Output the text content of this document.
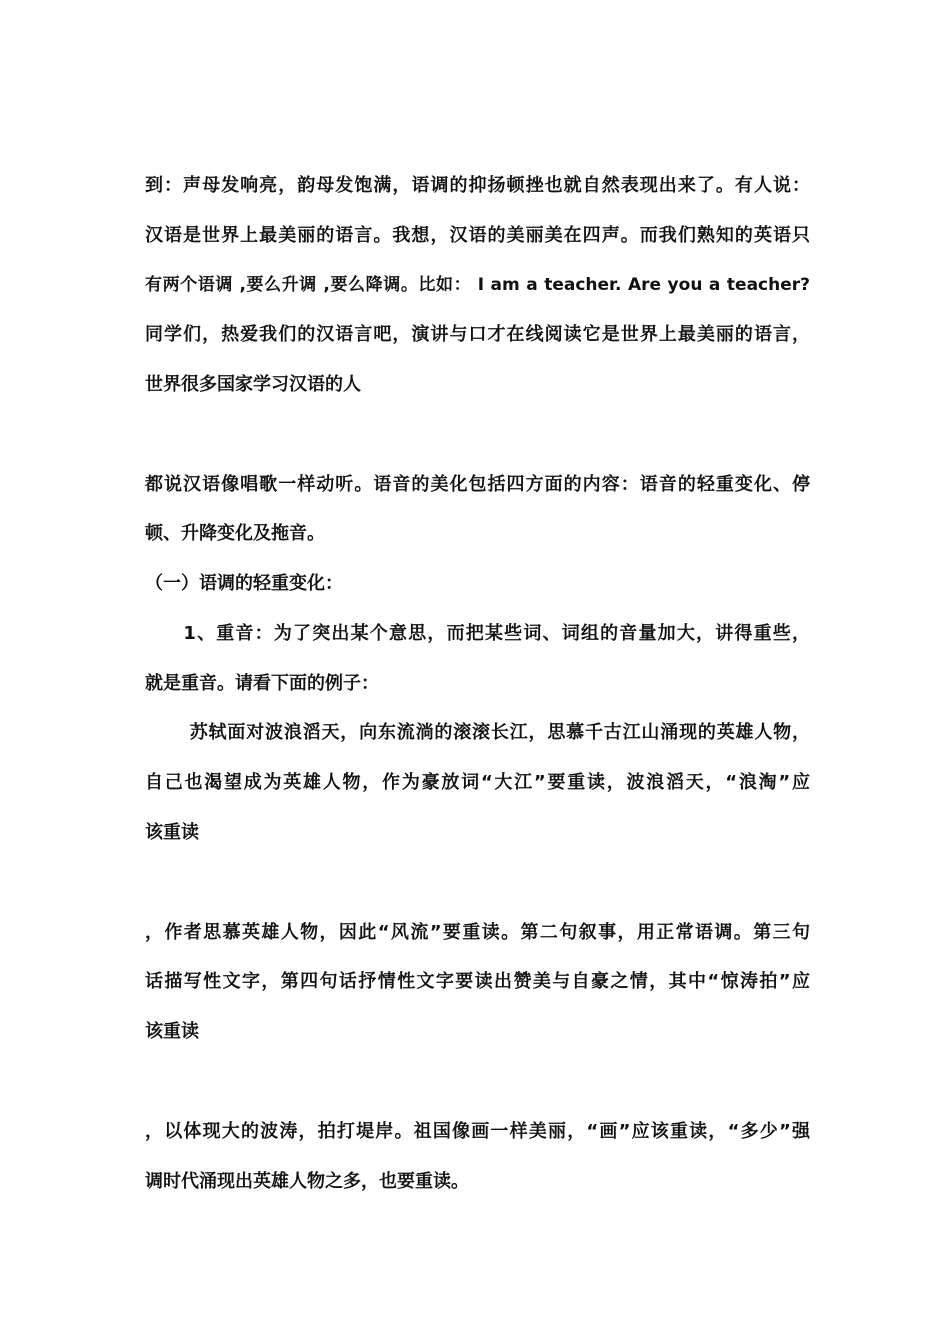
到：声母发响亮，韵母发饱满，语调的抑扬顿挫也就自然表现出来了。有人说：
汉语是世界上最美丽的语言。我想，汉语的美丽美在四声。而我们熟知的英语只
有两个语调 ,要么升调 ,要么降调。比如： I am a teacher. Are you a teacher?
同学们，热爱我们的汉语言吧，演讲与口才在线阅读它是世界上最美丽的语言，
世界很多国家学习汉语的人
都说汉语像唱歌一样动听。语音的美化包括四方面的内容：语音的轻重变化、停
顿、升降变化及拖音。
（一）语调的轻重变化：
　　1、重音：为了突出某个意思，而把某些词、词组的音量加大，讲得重些，
就是重音。请看下面的例子：
　　 苏轼面对波浪滔天，向东流淌的滚滚长江，思慕千古江山涌现的英雄人物，
自己也渴望成为英雄人物，作为豪放词“大江”要重读，波浪滔天，“浪淘”应
该重读
，作者思慕英雄人物，因此“风流”要重读。第二句叙事，用正常语调。第三句
话描写性文字，第四句话抒情性文字要读出赞美与自豪之情，其中“惊涛拍”应
该重读
，以体现大的波涛，拍打堤岸。祖国像画一样美丽，“画”应该重读，“多少”强
调时代涌现出英雄人物之多，也要重读。
